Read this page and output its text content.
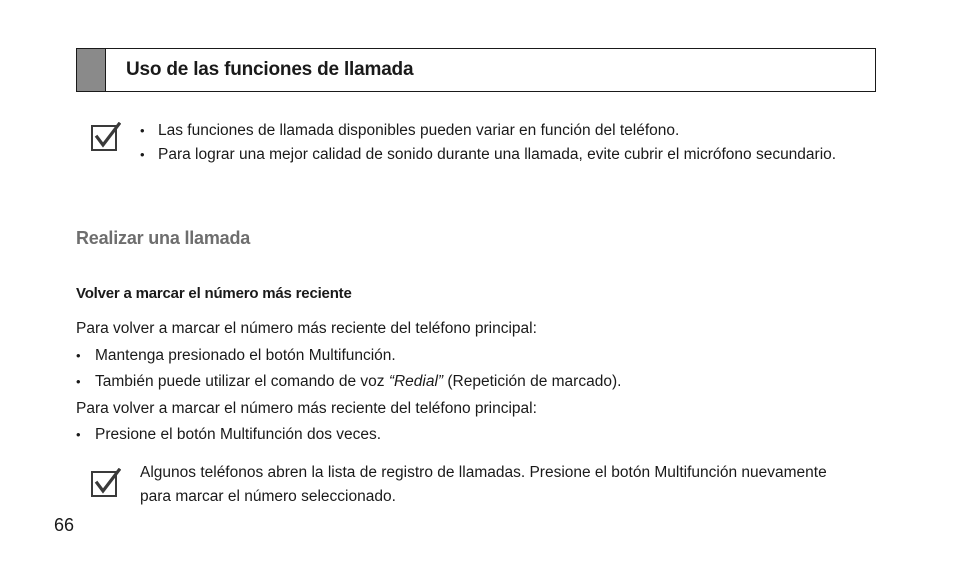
Uso de las funciones de llamada
• Las funciones de llamada disponibles pueden variar en función del teléfono.
• Para lograr una mejor calidad de sonido durante una llamada, evite cubrir el micrófono secundario.
Realizar una llamada
Volver a marcar el número más reciente

Para volver a marcar el número más reciente del teléfono principal:

• Mantenga presionado el botón Multifunción.
• También puede utilizar el comando de voz “Redial” (Repetición de marcado).

Para volver a marcar el número más reciente del teléfono principal:

• Presione el botón Multifunción dos veces.
Algunos teléfonos abren la lista de registro de llamadas. Presione el botón Multifunción nuevamente para marcar el número seleccionado.
66
